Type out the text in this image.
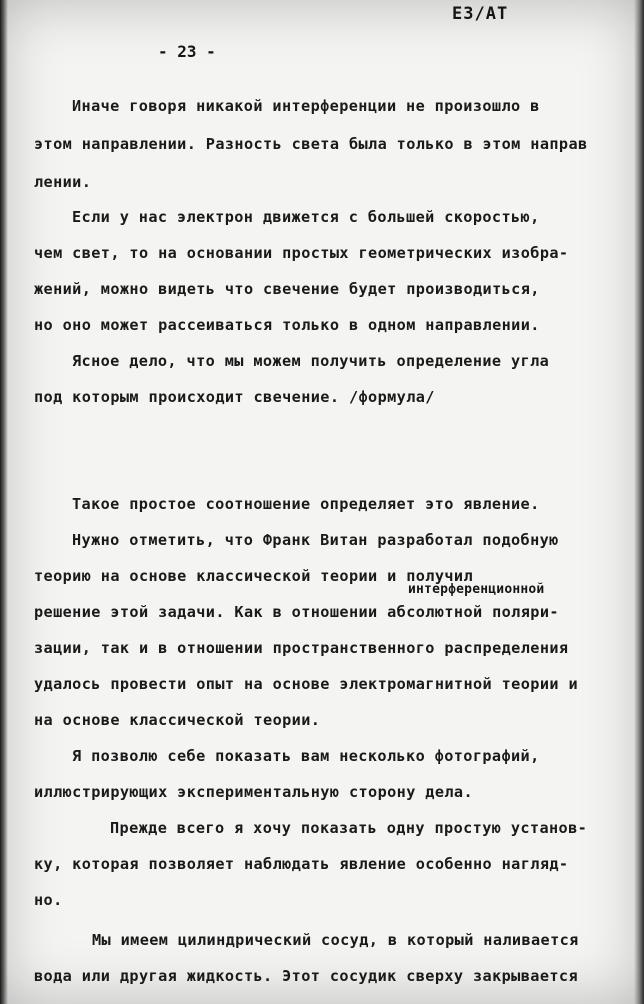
ЕЗ/АТ
- 23 -
Иначе говоря никакой интерференции не произошло в
этом направлении. Разность света была только в этом направ
лении.
Если у нас электрон движется с большей скоростью,
чем свет, то на основании простых геометрических изобра-
жений, можно видеть что свечение будет производиться,
но оно может рассеиваться только в одном направлении.
Ясное дело, что мы можем получить определение угла
под которым происходит свечение. /формула/
Такое простое соотношение определяет это явление.
Нужно отметить, что Франк Витан разработал подобную
теорию на основе классической теории и получил
интерференционной
решение этой задачи. Как в отношении абсолютной поляри-
зации, так и в отношении пространственного распределения
удалось провести опыт на основе электромагнитной теории и
на основе классической теории.
Я позволю себе показать вам несколько фотографий,
иллюстрирующих экспериментальную сторону дела.
Прежде всего я хочу показать одну простую установ-
ку, которая позволяет наблюдать явление особенно нагляд-
но.
Мы имеем цилиндрический сосуд, в который наливается
вода или другая жидкость. Этот сосудик сверху закрывается
